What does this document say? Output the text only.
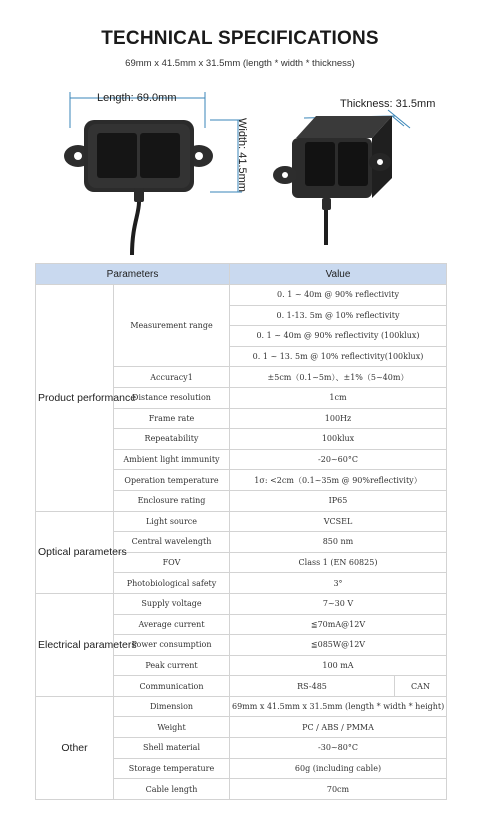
TECHNICAL SPECIFICATIONS
69mm x 41.5mm x 31.5mm (length * width * thickness)
Length: 69.0mm
Width: 41.5mm
Thickness: 31.5mm
Parameters		Value	
Product performance	Measurement range	0. 1 ~ 40m @ 90% reflectivity	
		0. 1-13. 5m @ 10% reflectivity	
		0. 1 ~ 40m @ 90% reflectivity (100klux)	
		0. 1 ~ 13. 5m @ 10% reflectivity(100klux)	
	Accuracy1	±5cm（0.1~5m）、±1%（5~40m）	
	Distance resolution	1cm	
	Frame rate	100Hz	
	Repeatability	100klux	
	Ambient light immunity	-20~60°C	
	Operation temperature	1σ: <2cm（0.1~35m @ 90%reflectivity）	
	Enclosure rating	IP65	
Optical parameters	Light source	VCSEL	
	Central wavelength	850 nm	
	FOV	Class 1 (EN 60825)	
	Photobiological safety	3°	
Electrical parameters	Supply voltage	7~30 V	
	Average current	≦70mA@12V	
	Power consumption	≦085W@12V	
	Peak current	100 mA	
	Communication	RS-485	CAN
Other	Dimension	69mm x 41.5mm x 31.5mm (length * width * height)	
	Weight	PC / ABS / PMMA	
	Shell material	-30~80°C	
	Storage temperature	60g (including cable)	
	Cable length	70cm	
